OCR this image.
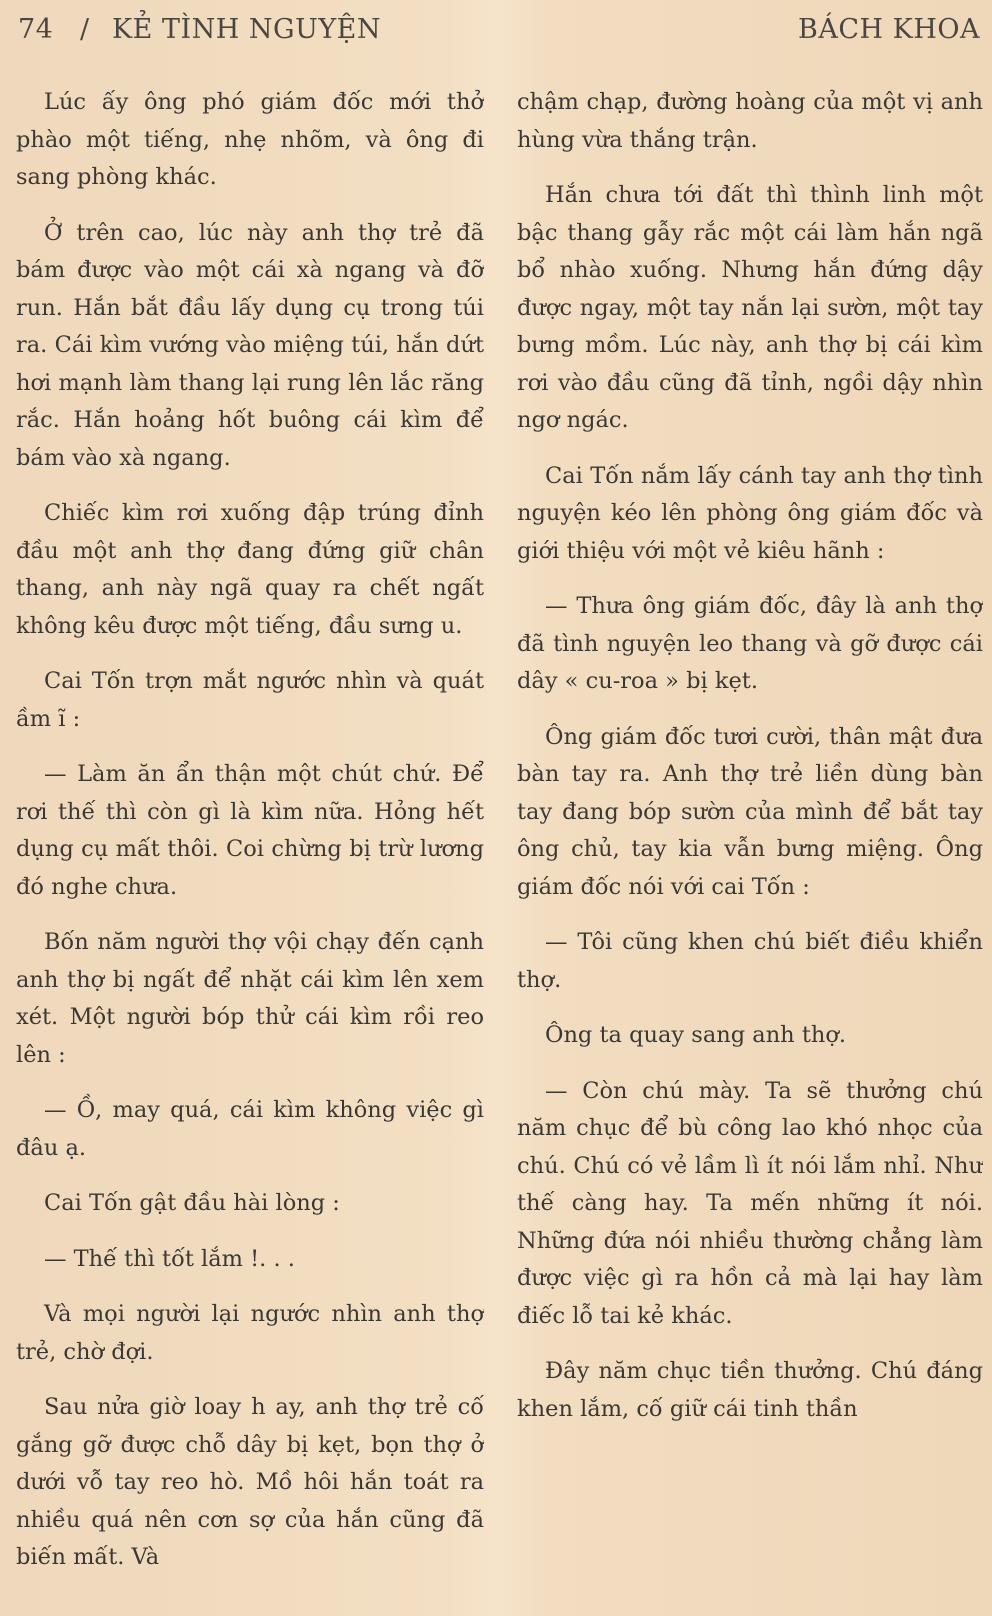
74 / KẺ TÌNH NGUYỆN	BÁCH KHOA

Lúc ấy ông phó giám đốc mới thở phào một tiếng, nhẹ nhõm, và ông đi sang phòng khác.

Ở trên cao, lúc này anh thợ trẻ đã bám được vào một cái xà ngang và đỡ run. Hắn bắt đầu lấy dụng cụ trong túi ra. Cái kìm vướng vào miệng túi, hắn dứt hơi mạnh làm thang lại rung lên lắc răng rắc. Hắn hoảng hốt buông cái kìm để bám vào xà ngang.

Chiếc kìm rơi xuống đập trúng đỉnh đầu một anh thợ đang đứng giữ chân thang, anh này ngã quay ra chết ngất không kêu được một tiếng, đầu sưng u.

Cai Tốn trợn mắt ngước nhìn và quát ầm ĩ :

— Làm ăn ẩn thận một chút chứ. Để rơi thế thì còn gì là kìm nữa. Hỏng hết dụng cụ mất thôi. Coi chừng bị trừ lương đó nghe chưa.

Bốn năm người thợ vội chạy đến cạnh anh thợ bị ngất để nhặt cái kìm lên xem xét. Một người bóp thử cái kìm rồi reo lên :

— Ồ, may quá, cái kìm không việc gì đâu ạ.

Cai Tốn gật đầu hài lòng :

— Thế thì tốt lắm !. . .

Và mọi người lại ngước nhìn anh thợ trẻ, chờ đợi.

Sau nửa giờ loay h ay, anh thợ trẻ cố gắng gỡ được chỗ dây bị kẹt, bọn thợ ở dưới vỗ tay reo hò. Mồ hôi hắn toát ra nhiều quá nên cơn sợ của hắn cũng đã biến mất. Và

chậm chạp, đường hoàng của một vị anh hùng vừa thắng trận.

Hắn chưa tới đất thì thình linh một bậc thang gẫy rắc một cái làm hắn ngã bổ nhào xuống. Nhưng hắn đứng dậy được ngay, một tay nắn lại sườn, một tay bưng mồm. Lúc này, anh thợ bị cái kìm rơi vào đầu cũng đã tỉnh, ngồi dậy nhìn ngơ ngác.

Cai Tốn nắm lấy cánh tay anh thợ tình nguyện kéo lên phòng ông giám đốc và giới thiệu với một vẻ kiêu hãnh :

— Thưa ông giám đốc, đây là anh thợ đã tình nguyện leo thang và gỡ được cái dây « cu-roa » bị kẹt.

Ông giám đốc tươi cười, thân mật đưa bàn tay ra. Anh thợ trẻ liền dùng bàn tay đang bóp sườn của mình để bắt tay ông chủ, tay kia vẫn bưng miệng. Ông giám đốc nói với cai Tốn :

— Tôi cũng khen chú biết điều khiển thợ.

Ông ta quay sang anh thợ.

— Còn chú mày. Ta sẽ thưởng chú năm chục để bù công lao khó nhọc của chú. Chú có vẻ lầm lì ít nói lắm nhỉ. Như thế càng hay. Ta mến những ít nói. Những đứa nói nhiều thường chẳng làm được việc gì ra hồn cả mà lại hay làm điếc lỗ tai kẻ khác.

Đây năm chục tiền thưởng. Chú đáng khen lắm, cố giữ cái tinh thần
